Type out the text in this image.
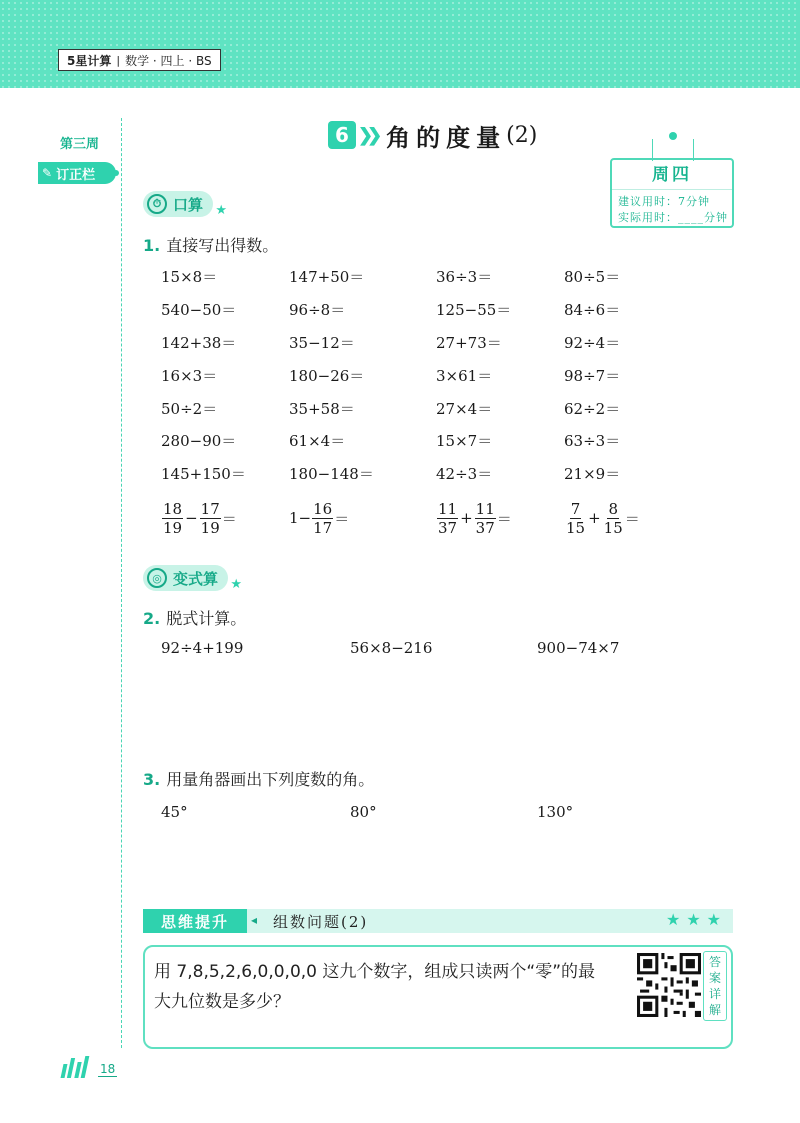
5星计算 | 数学 · 四上 · BS
第三周
✎ 订正栏
6 ❯❯ 角的度量 (2)
周四
建议用时：7分钟
实际用时：____分钟
⏱ 口算 ★
1. 直接写出得数。
15×8＝	147+50＝	36÷3＝	80÷5＝
540−50＝	96÷8＝	125−55＝	84÷6＝
142+38＝	35−12＝	27+73＝	92÷4＝
16×3＝	180−26＝	3×61＝	98÷7＝
50÷2＝	35+58＝	27×4＝	62÷2＝
280−90＝	61×4＝	15×7＝	63÷3＝
145+150＝	180−148＝	42÷3＝	21×9＝
$\frac{18}{19} - \frac{17}{19}$ ＝	$1- \frac{16}{17}$ ＝	$\frac{11}{37} + \frac{11}{37}$ ＝	$\frac{7}{15} + \frac{8}{15}$ ＝
◎ 变式算 ★
2. 脱式计算。
92÷4+199	56×8−216	900−74×7
3. 用量角器画出下列度数的角。
45°	80°	130°
思维提升	◂ 组数问题(2)	★★★
用 7,8,5,2,6,0,0,0,0 这九个数字，组成只读两个“零”的最
大九位数是多少？
答案详解
18
